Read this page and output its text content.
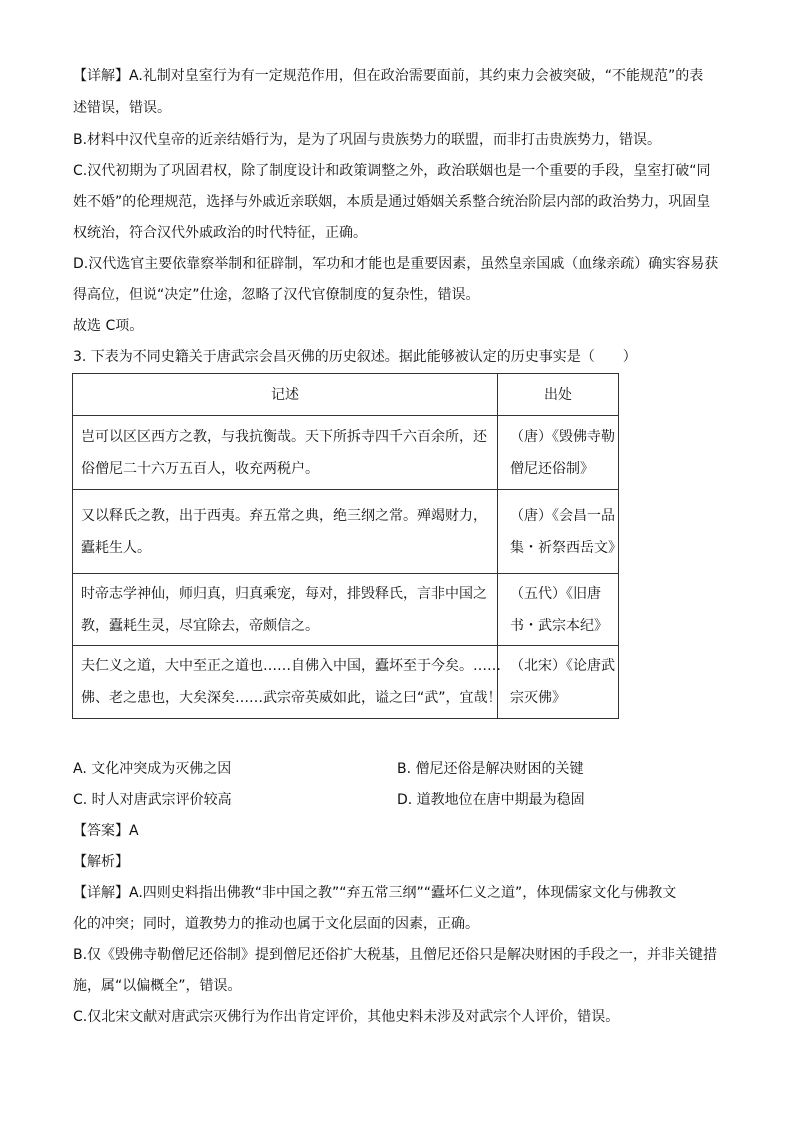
【详解】A.礼制对皇室行为有一定规范作用，但在政治需要面前，其约束力会被突破，“不能规范”的表
述错误，错误。
B.材料中汉代皇帝的近亲结婚行为，是为了巩固与贵族势力的联盟，而非打击贵族势力，错误。
C.汉代初期为了巩固君权，除了制度设计和政策调整之外，政治联姻也是一个重要的手段，皇室打破“同
姓不婚”的伦理规范，选择与外戚近亲联姻，本质是通过婚姻关系整合统治阶层内部的政治势力，巩固皇
权统治，符合汉代外戚政治的时代特征，正确。
D.汉代选官主要依靠察举制和征辟制，军功和才能也是重要因素，虽然皇亲国戚（血缘亲疏）确实容易获
得高位，但说“决定”仕途，忽略了汉代官僚制度的复杂性，错误。
故选 C项。
3. 下表为不同史籍关于唐武宗会昌灭佛的历史叙述。据此能够被认定的历史事实是（　　）
记述	出处

岂可以区区西方之教，与我抗衡哉。天下所拆寺四千六百余所，还
俗僧尼二十六万五百人，收充两税户。	（唐）《毁佛寺勒
僧尼还俗制》

又以释氏之教，出于西夷。弃五常之典，绝三纲之常。殚竭财力，
蠹耗生人。	（唐）《会昌一品
集・祈祭西岳文》

时帝志学神仙，师归真，归真乘宠，每对，排毁释氏，言非中国之
教，蠹耗生灵，尽宜除去，帝颇信之。	（五代）《旧唐
书・武宗本纪》

夫仁义之道，大中至正之道也……自佛入中国，蠹坏至于今矣。……
佛、老之患也，大矣深矣……武宗帝英威如此，谥之曰“武”，宜哉！	（北宋）《论唐武
宗灭佛》
A. 文化冲突成为灭佛之因	B. 僧尼还俗是解决财困的关键
C. 时人对唐武宗评价较高	D. 道教地位在唐中期最为稳固
【答案】A
【解析】
【详解】A.四则史料指出佛教“非中国之教”“弃五常三纲”“蠹坏仁义之道”，体现儒家文化与佛教文
化的冲突；同时，道教势力的推动也属于文化层面的因素，正确。
B.仅《毁佛寺勒僧尼还俗制》提到僧尼还俗扩大税基，且僧尼还俗只是解决财困的手段之一，并非关键措
施，属“以偏概全”，错误。
C.仅北宋文献对唐武宗灭佛行为作出肯定评价，其他史料未涉及对武宗个人评价，错误。
